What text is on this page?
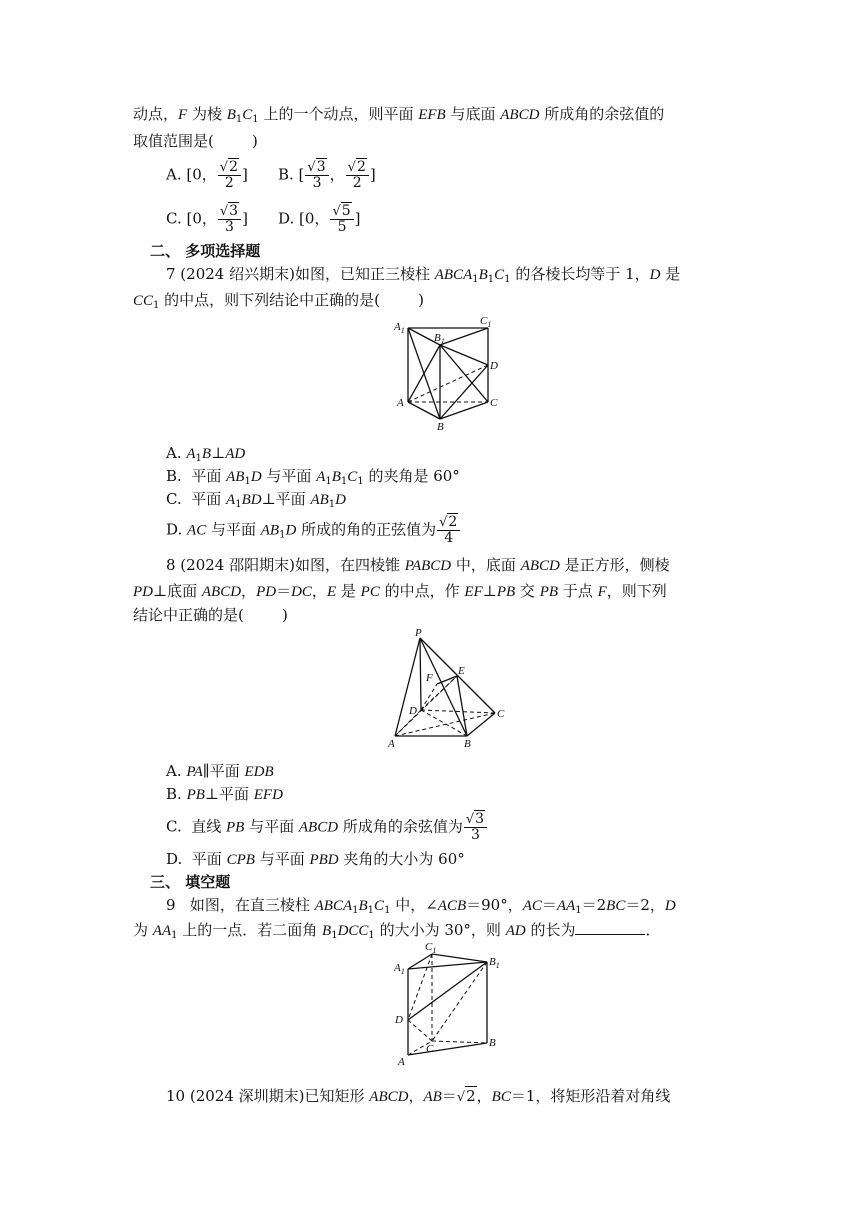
动点，F 为棱 $B_1C_1$ 上的一个动点，则平面 EFB 与底面 ABCD 所成角的余弦值的
取值范围是(        )
A. [0， $\frac{√2}{2}$ ] B. [ $\frac{√3}{3}$ ， $\frac{√2}{2}$ ]
C. [0， $\frac{√3}{3}$ ] D. [0， $\frac{√5}{5}$ ]
二、 多项选择题
7 (2024 绍兴期末)如图，已知正三棱柱 $ABCA_1B_1C_1$ 的各棱长均等于 1，D 是
$CC_1$ 的中点，则下列结论中正确的是(        )
$A_1$
$B_1$
$C_1$
D
A
B
C
A. $A_1B\perp AD$
B.  平面 $AB_1D$ 与平面 $A_1B_1C_1$ 的夹角是 60°
C.  平面 $A_1BD\perp$平面 $AB_1D$
D. AC 与平面 $AB_1D$ 所成的角的正弦值为 $\frac{√2}{4}$
8 (2024 邵阳期末)如图，在四棱锥 PABCD 中，底面 ABCD 是正方形，侧棱
PD⊥底面 ABCD，PD＝DC，E 是 PC 的中点，作 EF⊥PB 交 PB 于点 F，则下列
结论中正确的是(        )
P
E
F
D	C
A	B
A. PA∥平面 EDB
B. PB⊥平面 EFD
C.  直线 PB 与平面 ABCD 所成角的余弦值为 $\frac{√3}{3}$
D.  平面 CPB 与平面 PBD 夹角的大小为 60°
三、 填空题
9   如图，在直三棱柱 $ABCA_1B_1C_1$ 中，∠ACB＝90°，$AC=AA_1=2BC=2$，D
为 $AA_1$ 上的一点．若二面角 $B_1DCC_1$ 的大小为 30°，则 AD 的长为	．
$C_1$
$A_1$
$B_1$
D
C
A
B
10 (2024 深圳期末)已知矩形 ABCD，AB＝√2，BC＝1，将矩形沿着对角线
